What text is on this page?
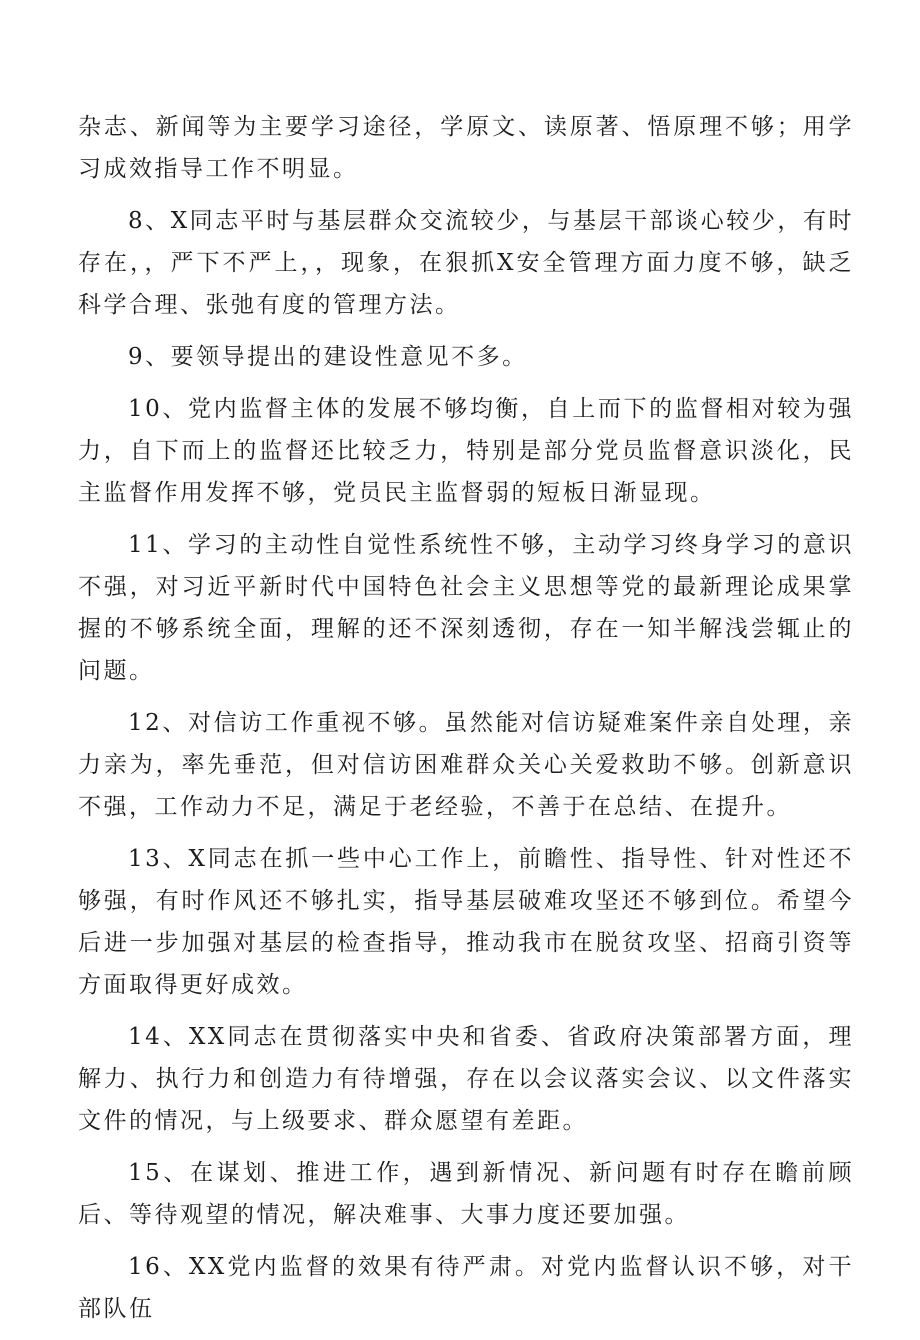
杂志、新闻等为主要学习途径，学原文、读原著、悟原理不够；用学习成效指导工作不明显。

8、X同志平时与基层群众交流较少，与基层干部谈心较少，有时存在，，严下不严上，，现象，在狠抓X安全管理方面力度不够，缺乏科学合理、张弛有度的管理方法。

9、要领导提出的建设性意见不多。

10、党内监督主体的发展不够均衡，自上而下的监督相对较为强力，自下而上的监督还比较乏力，特别是部分党员监督意识淡化，民主监督作用发挥不够，党员民主监督弱的短板日渐显现。

11、学习的主动性自觉性系统性不够，主动学习终身学习的意识不强，对习近平新时代中国特色社会主义思想等党的最新理论成果掌握的不够系统全面，理解的还不深刻透彻，存在一知半解浅尝辄止的问题。

12、对信访工作重视不够。虽然能对信访疑难案件亲自处理，亲力亲为，率先垂范，但对信访困难群众关心关爱救助不够。创新意识不强，工作动力不足，满足于老经验，不善于在总结、在提升。

13、X同志在抓一些中心工作上，前瞻性、指导性、针对性还不够强，有时作风还不够扎实，指导基层破难攻坚还不够到位。希望今后进一步加强对基层的检查指导，推动我市在脱贫攻坚、招商引资等方面取得更好成效。

14、XX同志在贯彻落实中央和省委、省政府决策部署方面，理解力、执行力和创造力有待增强，存在以会议落实会议、以文件落实文件的情况，与上级要求、群众愿望有差距。

15、在谋划、推进工作，遇到新情况、新问题有时存在瞻前顾后、等待观望的情况，解决难事、大事力度还要加强。

16、XX党内监督的效果有待严肃。对党内监督认识不够，对干部队伍
